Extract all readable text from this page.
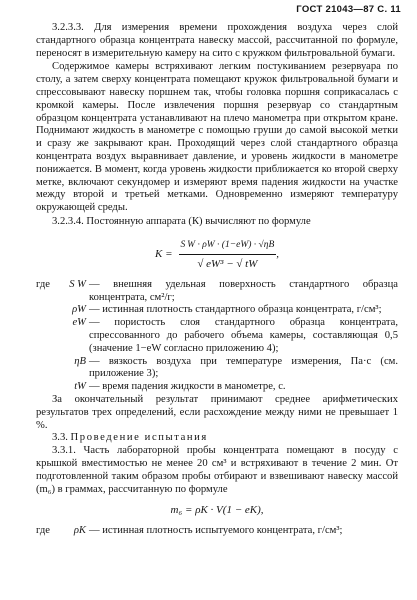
ГОСТ 21043—87 С. 11

3.2.3.3. Для измерения времени прохождения воздуха через слой стандартного образца концентрата навеску массой, рассчитанной по формуле, переносят в измерительную камеру на сито с кружком фильтровальной бумаги.

Содержимое камеры встряхивают легким постукиванием резервуара по столу, а затем сверху концентрата помещают кружок фильтровальной бумаги и спрессовывают навеску поршнем так, чтобы головка поршня соприкасалась с кромкой камеры. После извлечения поршня резервуар со стандартным образцом концентрата устанавливают на плечо манометра при открытом кране. Поднимают жидкость в манометре с помощью груши до самой высокой метки и сразу же закрывают кран. Проходящий через слой стандартного образца концентрата воздух выравнивает давление, и уровень жидкости в манометре понижается. В момент, когда уровень жидкости приближается ко второй сверху метке, включают секундомер и измеряют время падения жидкости на участке между второй и третьей метками. Одновременно измеряют температуру окружающей среды.

3.2.3.4. Постоянную аппарата (К) вычисляют по формуле

$K = \frac{\text{S W · ρW · (1−eW) · √ηB}}{\text{√ eW³ − √ tW}}$ ,
где	S W	— внешняя удельная поверхность стандартного образца концентрата, см²/г;
	ρW	— истинная плотность стандартного образца концентрата, г/см³;
	eW	— пористость слоя стандартного образца концентрата, спрессованного до рабочего объема камеры, составляющая 0,5 (значение 1−eW согласно приложению 4);
	ηB	— вязкость воздуха при температуре измерения, Па·с (см. приложение 3);
	tW	— время падения жидкости в манометре, с.

За окончательный результат принимают среднее арифметических результатов трех определений, если расхождение между ними не превышает 1 %.

3.3. Проведение испытания

3.3.1. Часть лабораторной пробы концентрата помещают в посуду с крышкой вместимостью не менее 20 см³ и встряхивают в течение 2 мин. От подготовленной таким образом пробы отбирают и взвешивают навеску массой (m₆) в граммах, рассчитанную по формуле

m₆ = ρK · V(1 − eK),
где	ρK	— истинная плотность испытуемого концентрата, г/см³;
